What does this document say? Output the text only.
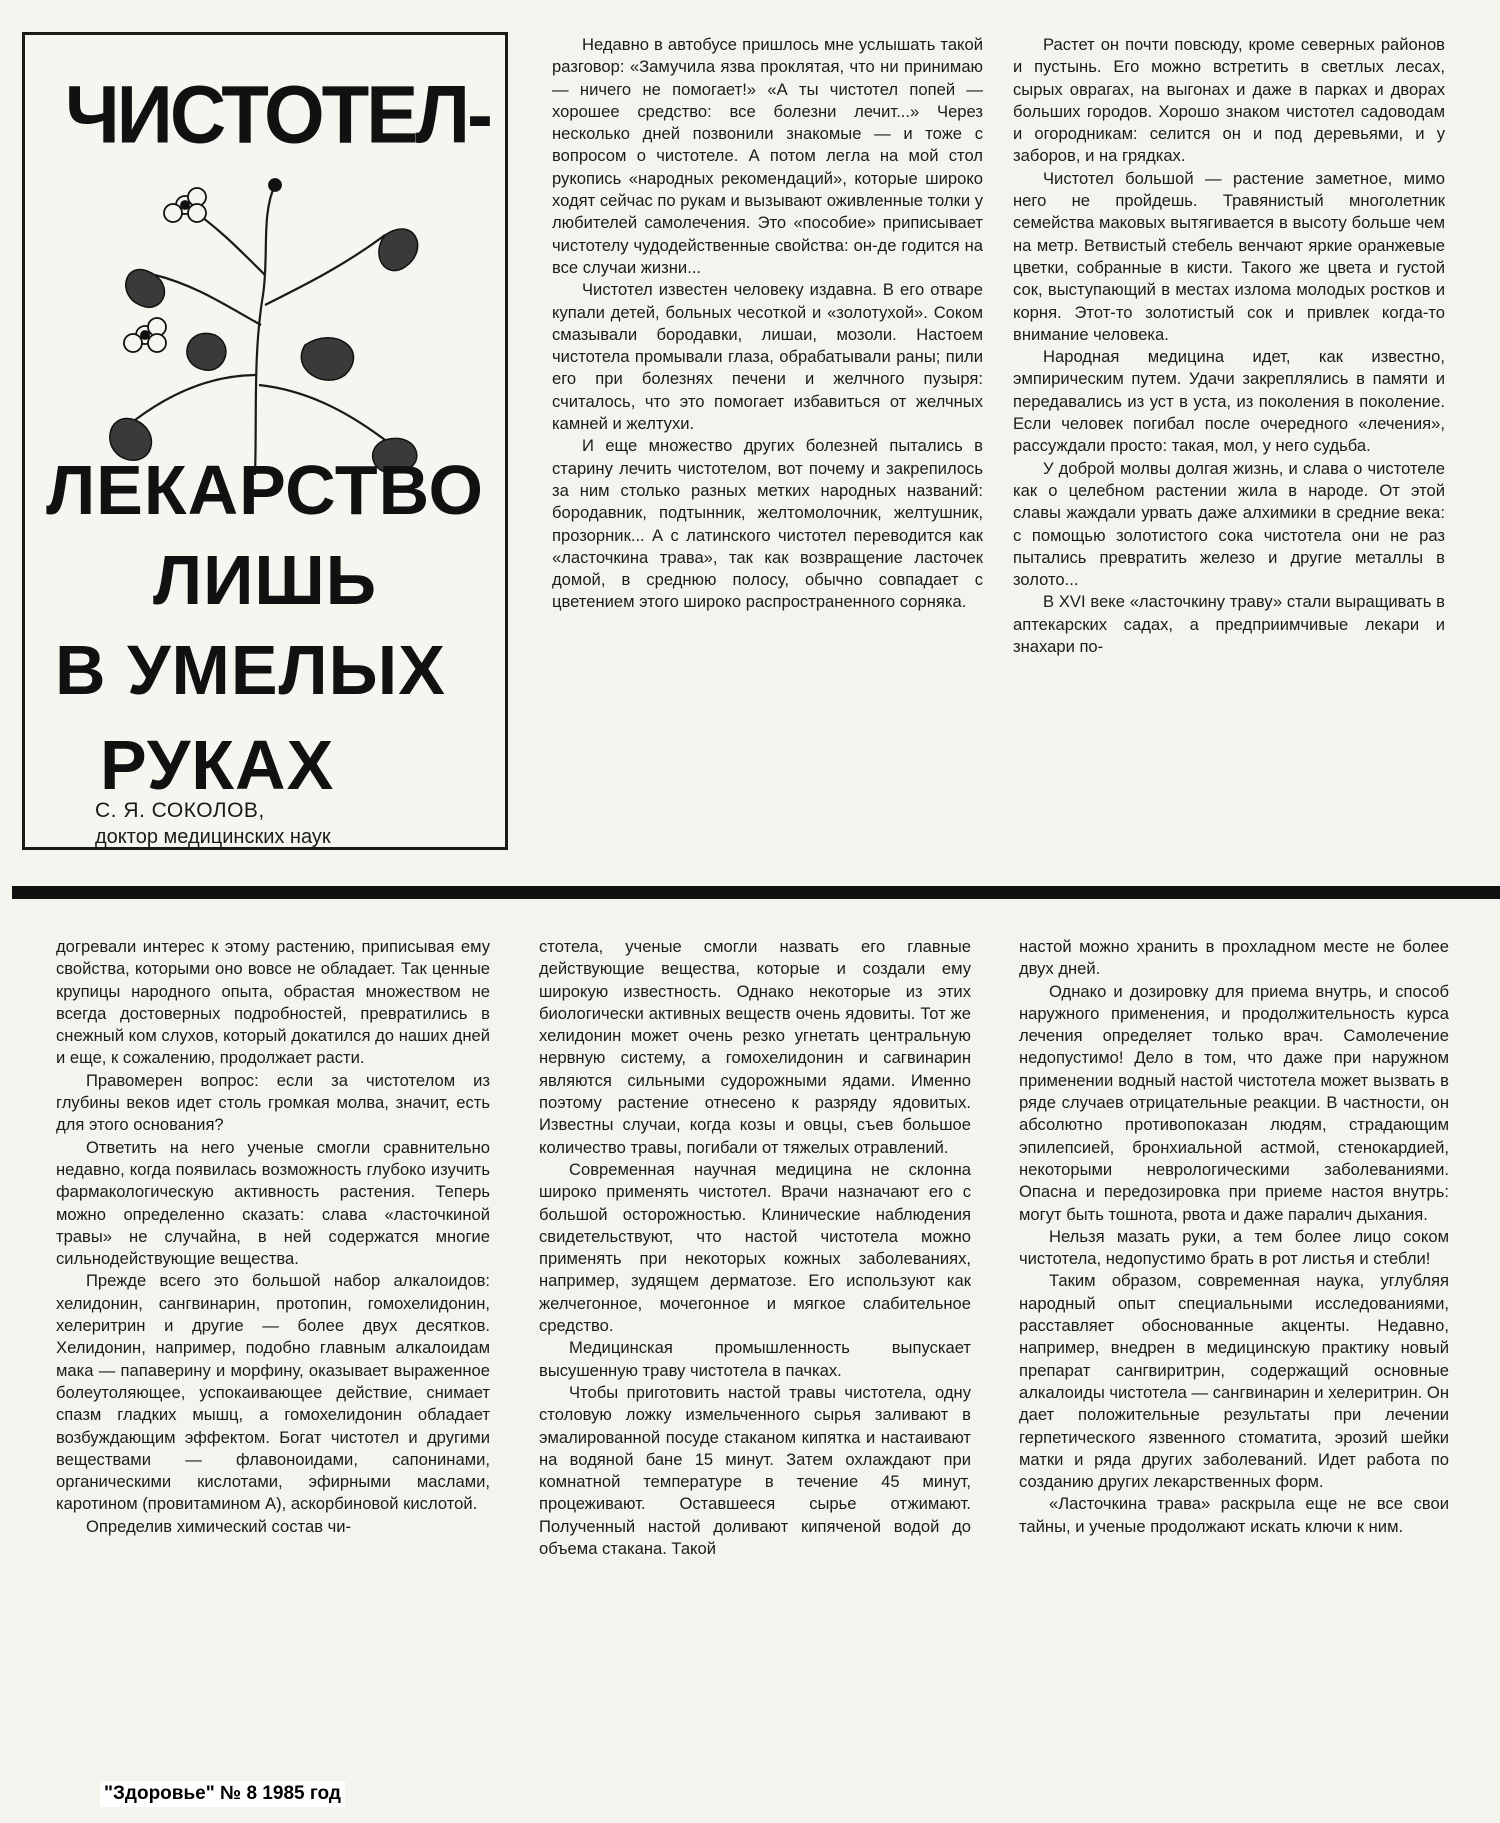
ЧИСТОТЕЛ-
ЛЕКАРСТВО
ЛИШЬ
В УМЕЛЫХ
РУКАХ
С. Я. СОКОЛОВ,
доктор медицинских наук

Недавно в автобусе пришлось мне услышать такой разговор: «Замучила язва проклятая, что ни принимаю — ничего не помогает!» «А ты чистотел попей — хорошее средство: все болезни лечит...» Через несколько дней позвонили знакомые — и тоже с вопросом о чистотеле. А потом легла на мой стол рукопись «народных рекомендаций», которые широко ходят сейчас по рукам и вызывают оживленные толки у любителей самолечения. Это «пособие» приписывает чистотелу чудодейственные свойства: он-де годится на все случаи жизни...

Чистотел известен человеку издавна. В его отваре купали детей, больных чесоткой и «золотухой». Соком смазывали бородавки, лишаи, мозоли. Настоем чистотела промывали глаза, обрабатывали раны; пили его при болезнях печени и желчного пузыря: считалось, что это помогает избавиться от желчных камней и желтухи.

И еще множество других болезней пытались в старину лечить чистотелом, вот почему и закрепилось за ним столько разных метких народных названий: бородавник, подтынник, желтомолочник, желтушник, прозорник... А с латинского чистотел переводится как «ласточкина трава», так как возвращение ласточек домой, в среднюю полосу, обычно совпадает с цветением этого широко распространенного сорняка.

Растет он почти повсюду, кроме северных районов и пустынь. Его можно встретить в светлых лесах, сырых оврагах, на выгонах и даже в парках и дворах больших городов. Хорошо знаком чистотел садоводам и огородникам: селится он и под деревьями, и у заборов, и на грядках.

Чистотел большой — растение заметное, мимо него не пройдешь. Травянистый многолетник семейства маковых вытягивается в высоту больше чем на метр. Ветвистый стебель венчают яркие оранжевые цветки, собранные в кисти. Такого же цвета и густой сок, выступающий в местах излома молодых ростков и корня. Этот-то золотистый сок и привлек когда-то внимание человека.

Народная медицина идет, как известно, эмпирическим путем. Удачи закреплялись в памяти и передавались из уст в уста, из поколения в поколение. Если человек погибал после очередного «лечения», рассуждали просто: такая, мол, у него судьба.

У доброй молвы долгая жизнь, и слава о чистотеле как о целебном растении жила в народе. От этой славы жаждали урвать даже алхимики в средние века: с помощью золотистого сока чистотела они не раз пытались превратить железо и другие металлы в золото...

В XVI веке «ласточкину траву» стали выращивать в аптекарских садах, а предприимчивые лекари и знахари по-

догревали интерес к этому растению, приписывая ему свойства, которыми оно вовсе не обладает. Так ценные крупицы народного опыта, обрастая множеством не всегда достоверных подробностей, превратились в снежный ком слухов, который докатился до наших дней и еще, к сожалению, продолжает расти.

Правомерен вопрос: если за чистотелом из глубины веков идет столь громкая молва, значит, есть для этого основания?

Ответить на него ученые смогли сравнительно недавно, когда появилась возможность глубоко изучить фармакологическую активность растения. Теперь можно определенно сказать: слава «ласточкиной травы» не случайна, в ней содержатся многие сильнодействующие вещества.

Прежде всего это большой набор алкалоидов: хелидонин, сангвинарин, протопин, гомохелидонин, хелеритрин и другие — более двух десятков. Хелидонин, например, подобно главным алкалоидам мака — папаверину и морфину, оказывает выраженное болеутоляющее, успокаивающее действие, снимает спазм гладких мышц, а гомохелидонин обладает возбуждающим эффектом. Богат чистотел и другими веществами — флавоноидами, сапонинами, органическими кислотами, эфирными маслами, каротином (провитамином А), аскорбиновой кислотой.

Определив химический состав чи-

стотела, ученые смогли назвать его главные действующие вещества, которые и создали ему широкую известность. Однако некоторые из этих биологически активных веществ очень ядовиты. Тот же хелидонин может очень резко угнетать центральную нервную систему, а гомохелидонин и сагвинарин являются сильными судорожными ядами. Именно поэтому растение отнесено к разряду ядовитых. Известны случаи, когда козы и овцы, съев большое количество травы, погибали от тяжелых отравлений.

Современная научная медицина не склонна широко применять чистотел. Врачи назначают его с большой осторожностью. Клинические наблюдения свидетельствуют, что настой чистотела можно применять при некоторых кожных заболеваниях, например, зудящем дерматозе. Его используют как желчегонное, мочегонное и мягкое слабительное средство.

Медицинская промышленность выпускает высушенную траву чистотела в пачках.

Чтобы приготовить настой травы чистотела, одну столовую ложку измельченного сырья заливают в эмалированной посуде стаканом кипятка и настаивают на водяной бане 15 минут. Затем охлаждают при комнатной температуре в течение 45 минут, процеживают. Оставшееся сырье отжимают. Полученный настой доливают кипяченой водой до объема стакана. Такой

настой можно хранить в прохладном месте не более двух дней.

Однако и дозировку для приема внутрь, и способ наружного применения, и продолжительность курса лечения определяет только врач. Самолечение недопустимо! Дело в том, что даже при наружном применении водный настой чистотела может вызвать в ряде случаев отрицательные реакции. В частности, он абсолютно противопоказан людям, страдающим эпилепсией, бронхиальной астмой, стенокардией, некоторыми неврологическими заболеваниями. Опасна и передозировка при приеме настоя внутрь: могут быть тошнота, рвота и даже паралич дыхания.

Нельзя мазать руки, а тем более лицо соком чистотела, недопустимо брать в рот листья и стебли!

Таким образом, современная наука, углубляя народный опыт специальными исследованиями, расставляет обоснованные акценты. Недавно, например, внедрен в медицинскую практику новый препарат сангвиритрин, содержащий основные алкалоиды чистотела — сангвинарин и хелеритрин. Он дает положительные результаты при лечении герпетического язвенного стоматита, эрозий шейки матки и ряда других заболеваний. Идет работа по созданию других лекарственных форм.

«Ласточкина трава» раскрыла еще не все свои тайны, и ученые продолжают искать ключи к ним.

"Здоровье" № 8 1985 год
